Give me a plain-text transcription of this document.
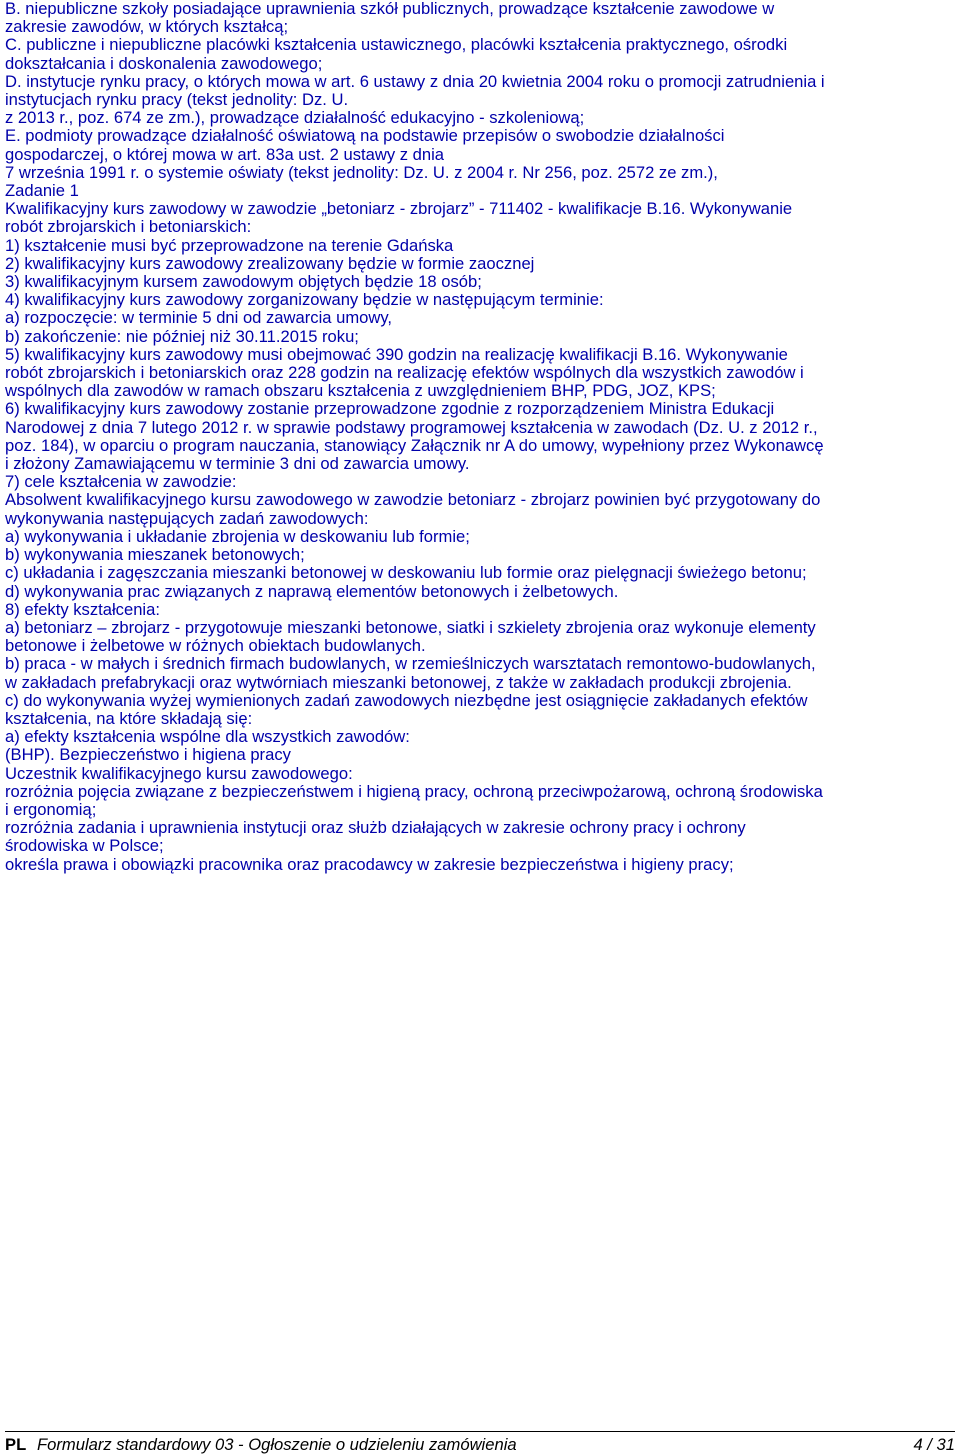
B. niepubliczne szkoły posiadające uprawnienia szkół publicznych, prowadzące kształcenie zawodowe w
zakresie zawodów, w których kształcą;
C. publiczne i niepubliczne placówki kształcenia ustawicznego, placówki kształcenia praktycznego, ośrodki
dokształcania i doskonalenia zawodowego;
D. instytucje rynku pracy, o których mowa w art. 6 ustawy z dnia 20 kwietnia 2004 roku o promocji zatrudnienia i
instytucjach rynku pracy (tekst jednolity: Dz. U.
z 2013 r., poz. 674 ze zm.), prowadzące działalność edukacyjno - szkoleniową;
E. podmioty prowadzące działalność oświatową na podstawie przepisów o swobodzie działalności
gospodarczej, o której mowa w art. 83a ust. 2 ustawy z dnia
7 września 1991 r. o systemie oświaty (tekst jednolity: Dz. U. z 2004 r. Nr 256, poz. 2572 ze zm.),
Zadanie 1
Kwalifikacyjny kurs zawodowy w zawodzie „betoniarz - zbrojarz” - 711402 - kwalifikacje B.16. Wykonywanie
robót zbrojarskich i betoniarskich:
1) kształcenie musi być przeprowadzone na terenie Gdańska
2) kwalifikacyjny kurs zawodowy zrealizowany będzie w formie zaocznej
3) kwalifikacyjnym kursem zawodowym objętych będzie 18 osób;
4) kwalifikacyjny kurs zawodowy zorganizowany będzie w następującym terminie:
a) rozpoczęcie: w terminie 5 dni od zawarcia umowy,
b) zakończenie: nie później niż 30.11.2015 roku;
5) kwalifikacyjny kurs zawodowy musi obejmować 390 godzin na realizację kwalifikacji B.16. Wykonywanie
robót zbrojarskich i betoniarskich oraz 228 godzin na realizację efektów wspólnych dla wszystkich zawodów i
wspólnych dla zawodów w ramach obszaru kształcenia z uwzględnieniem BHP, PDG, JOZ, KPS;
6) kwalifikacyjny kurs zawodowy zostanie przeprowadzone zgodnie z rozporządzeniem Ministra Edukacji
Narodowej z dnia 7 lutego 2012 r. w sprawie podstawy programowej kształcenia w zawodach (Dz. U. z 2012 r.,
poz. 184), w oparciu o program nauczania, stanowiący Załącznik nr A do umowy, wypełniony przez Wykonawcę
i złożony Zamawiającemu w terminie 3 dni od zawarcia umowy.
7) cele kształcenia w zawodzie:
Absolwent kwalifikacyjnego kursu zawodowego w zawodzie betoniarz - zbrojarz powinien być przygotowany do
wykonywania następujących zadań zawodowych:
a) wykonywania i układanie zbrojenia w deskowaniu lub formie;
b) wykonywania mieszanek betonowych;
c) układania i zagęszczania mieszanki betonowej w deskowaniu lub formie oraz pielęgnacji świeżego betonu;
d) wykonywania prac związanych z naprawą elementów betonowych i żelbetowych.
8) efekty kształcenia:
a) betoniarz – zbrojarz - przygotowuje mieszanki betonowe, siatki i szkielety zbrojenia oraz wykonuje elementy
betonowe i żelbetowe w różnych obiektach budowlanych.
b) praca - w małych i średnich firmach budowlanych, w rzemieślniczych warsztatach remontowo-budowlanych,
w zakładach prefabrykacji oraz wytwórniach mieszanki betonowej, z także w zakładach produkcji zbrojenia.
c) do wykonywania wyżej wymienionych zadań zawodowych niezbędne jest osiągnięcie zakładanych efektów
kształcenia, na które składają się:
a) efekty kształcenia wspólne dla wszystkich zawodów:
(BHP). Bezpieczeństwo i higiena pracy
Uczestnik kwalifikacyjnego kursu zawodowego:
rozróżnia pojęcia związane z bezpieczeństwem i higieną pracy, ochroną przeciwpożarową, ochroną środowiska
i ergonomią;
rozróżnia zadania i uprawnienia instytucji oraz służb działających w zakresie ochrony pracy i ochrony
środowiska w Polsce;
określa prawa i obowiązki pracownika oraz pracodawcy w zakresie bezpieczeństwa i higieny pracy;
PL Formularz standardowy 03 - Ogłoszenie o udzieleniu zamówienia	4 / 31
